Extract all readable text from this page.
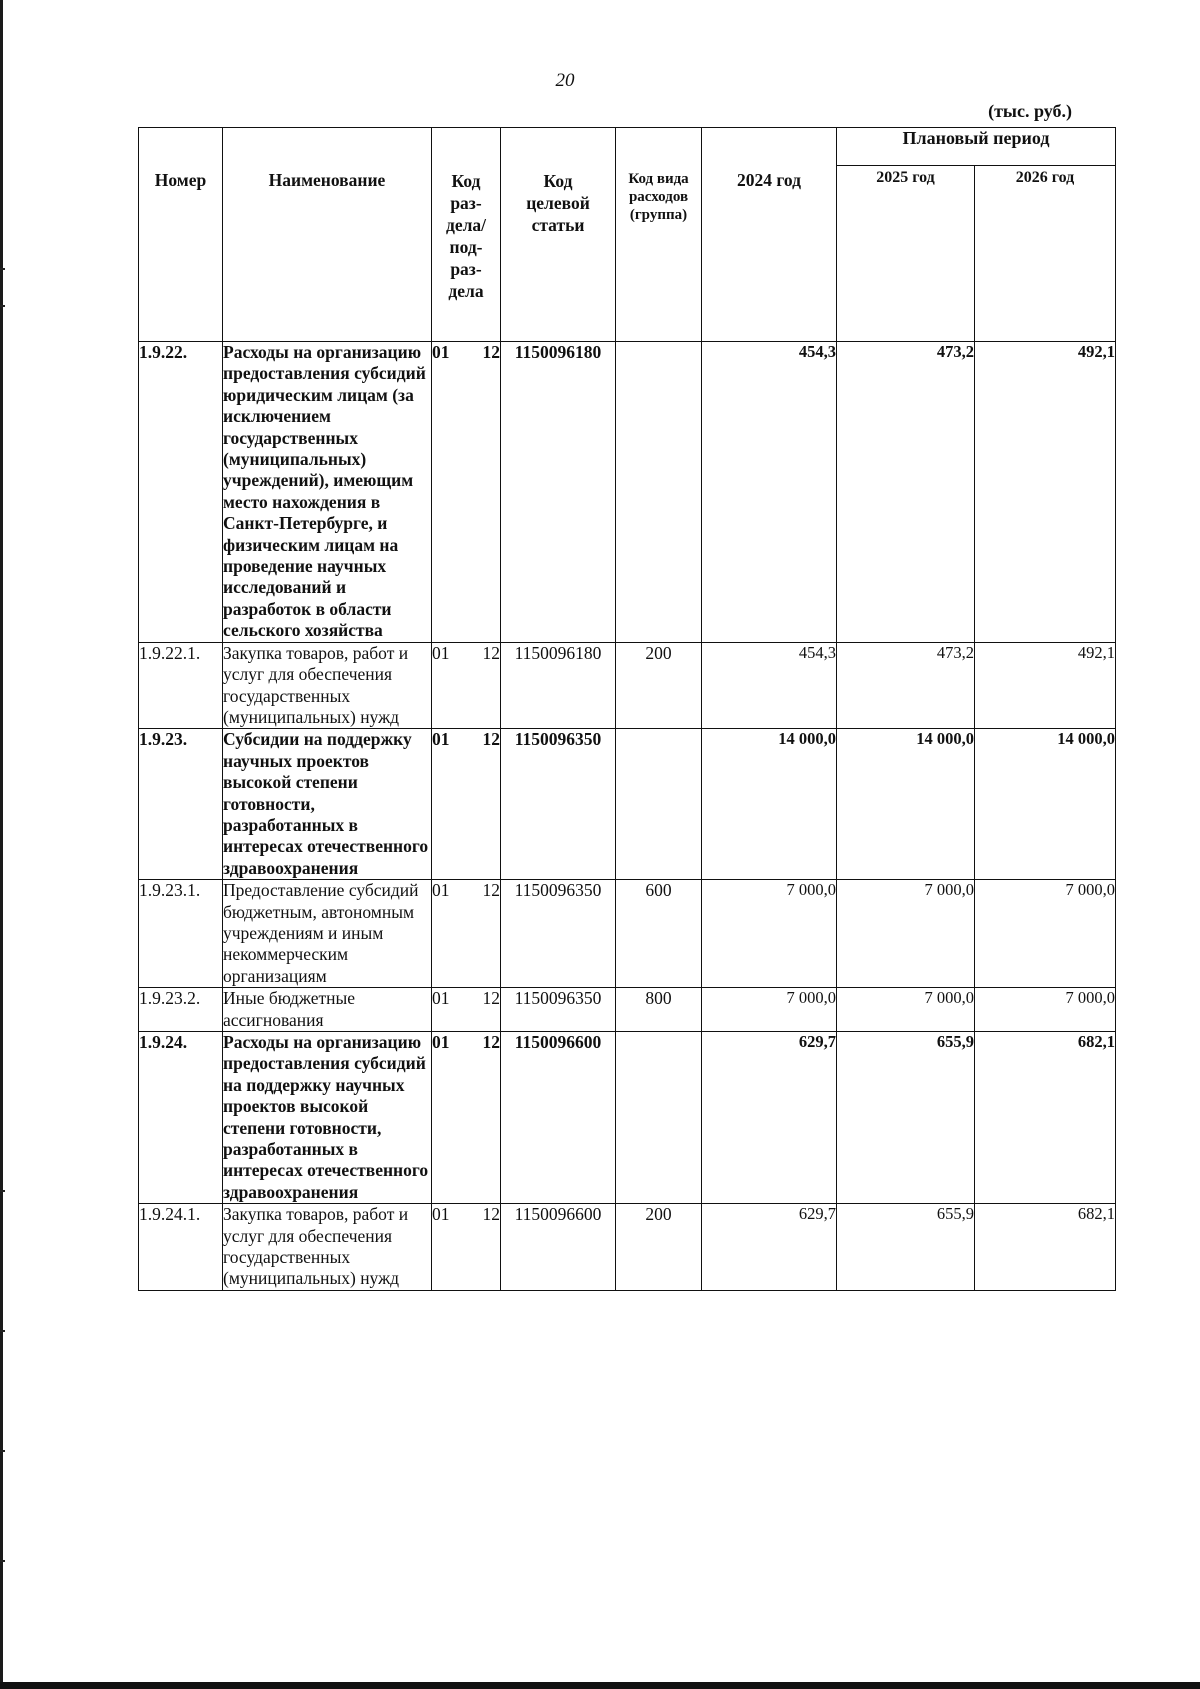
20
(тыс. руб.)
Номер	Наименование	Код раз- дела/ под- раз- дела	Код целевой статьи	Код вида расходов (группа)	2024 год	Плановый период	
						2025 год	2026 год
1.9.22.	Расходы на организацию предоставления субсидий юридическим лицам (за исключением государственных (муниципальных) учреждений), имеющим место нахождения в Санкт-Петербурге, и физическим лицам на проведение научных исследований и разработок в области сельского хозяйства	01 12	1150096180		454,3	473,2	492,1
1.9.22.1.	Закупка товаров, работ и услуг для обеспечения государственных (муниципальных) нужд	01 12	1150096180	200	454,3	473,2	492,1
1.9.23.	Субсидии на поддержку научных проектов высокой степени готовности, разработанных в интересах отечественного здравоохранения	01 12	1150096350		14 000,0	14 000,0	14 000,0
1.9.23.1.	Предоставление субсидий бюджетным, автономным учреждениям и иным некоммерческим организациям	01 12	1150096350	600	7 000,0	7 000,0	7 000,0
1.9.23.2.	Иные бюджетные ассигнования	01 12	1150096350	800	7 000,0	7 000,0	7 000,0
1.9.24.	Расходы на организацию предоставления субсидий на поддержку научных проектов высокой степени готовности, разработанных в интересах отечественного здравоохранения	01 12	1150096600		629,7	655,9	682,1
1.9.24.1.	Закупка товаров, работ и услуг для обеспечения государственных (муниципальных) нужд	01 12	1150096600	200	629,7	655,9	682,1
